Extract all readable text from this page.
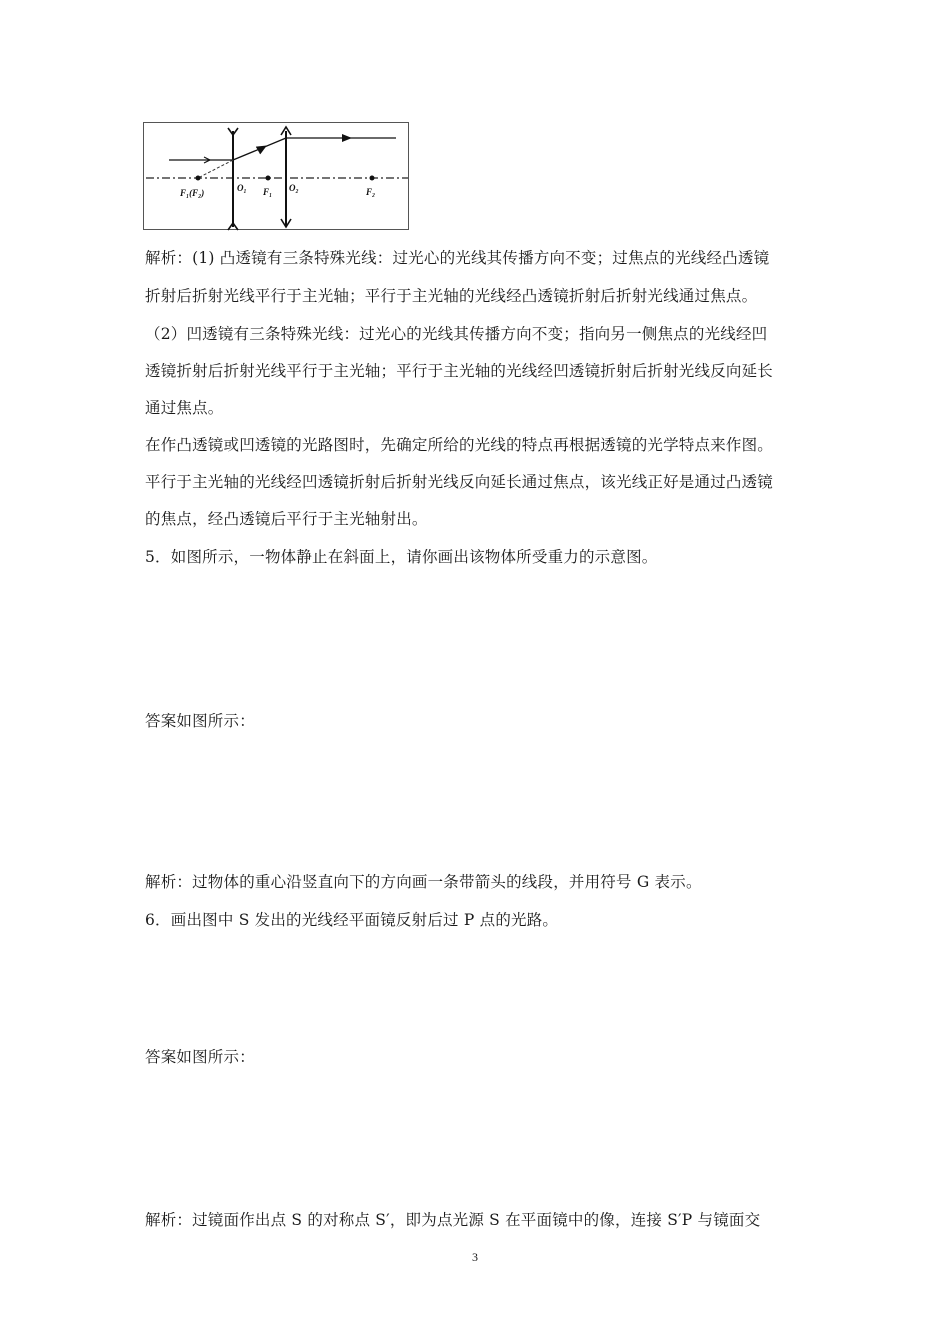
F₁(F₂)	O₁ F₁ O₂	F₂
解析：(1) 凸透镜有三条特殊光线：过光心的光线其传播方向不变；过焦点的光线经凸透镜
折射后折射光线平行于主光轴；平行于主光轴的光线经凸透镜折射后折射光线通过焦点。
（2）凹透镜有三条特殊光线：过光心的光线其传播方向不变；指向另一侧焦点的光线经凹
透镜折射后折射光线平行于主光轴；平行于主光轴的光线经凹透镜折射后折射光线反向延长
通过焦点。
在作凸透镜或凹透镜的光路图时，先确定所给的光线的特点再根据透镜的光学特点来作图。
平行于主光轴的光线经凹透镜折射后折射光线反向延长通过焦点，该光线正好是通过凸透镜
的焦点，经凸透镜后平行于主光轴射出。
5．如图所示，一物体静止在斜面上，请你画出该物体所受重力的示意图。
答案如图所示：
解析：过物体的重心沿竖直向下的方向画一条带箭头的线段，并用符号 G 表示。
6．画出图中 S 发出的光线经平面镜反射后过 P 点的光路。
答案如图所示：
解析：过镜面作出点 S 的对称点 S′，即为点光源 S 在平面镜中的像，连接 S′P 与镜面交
3
